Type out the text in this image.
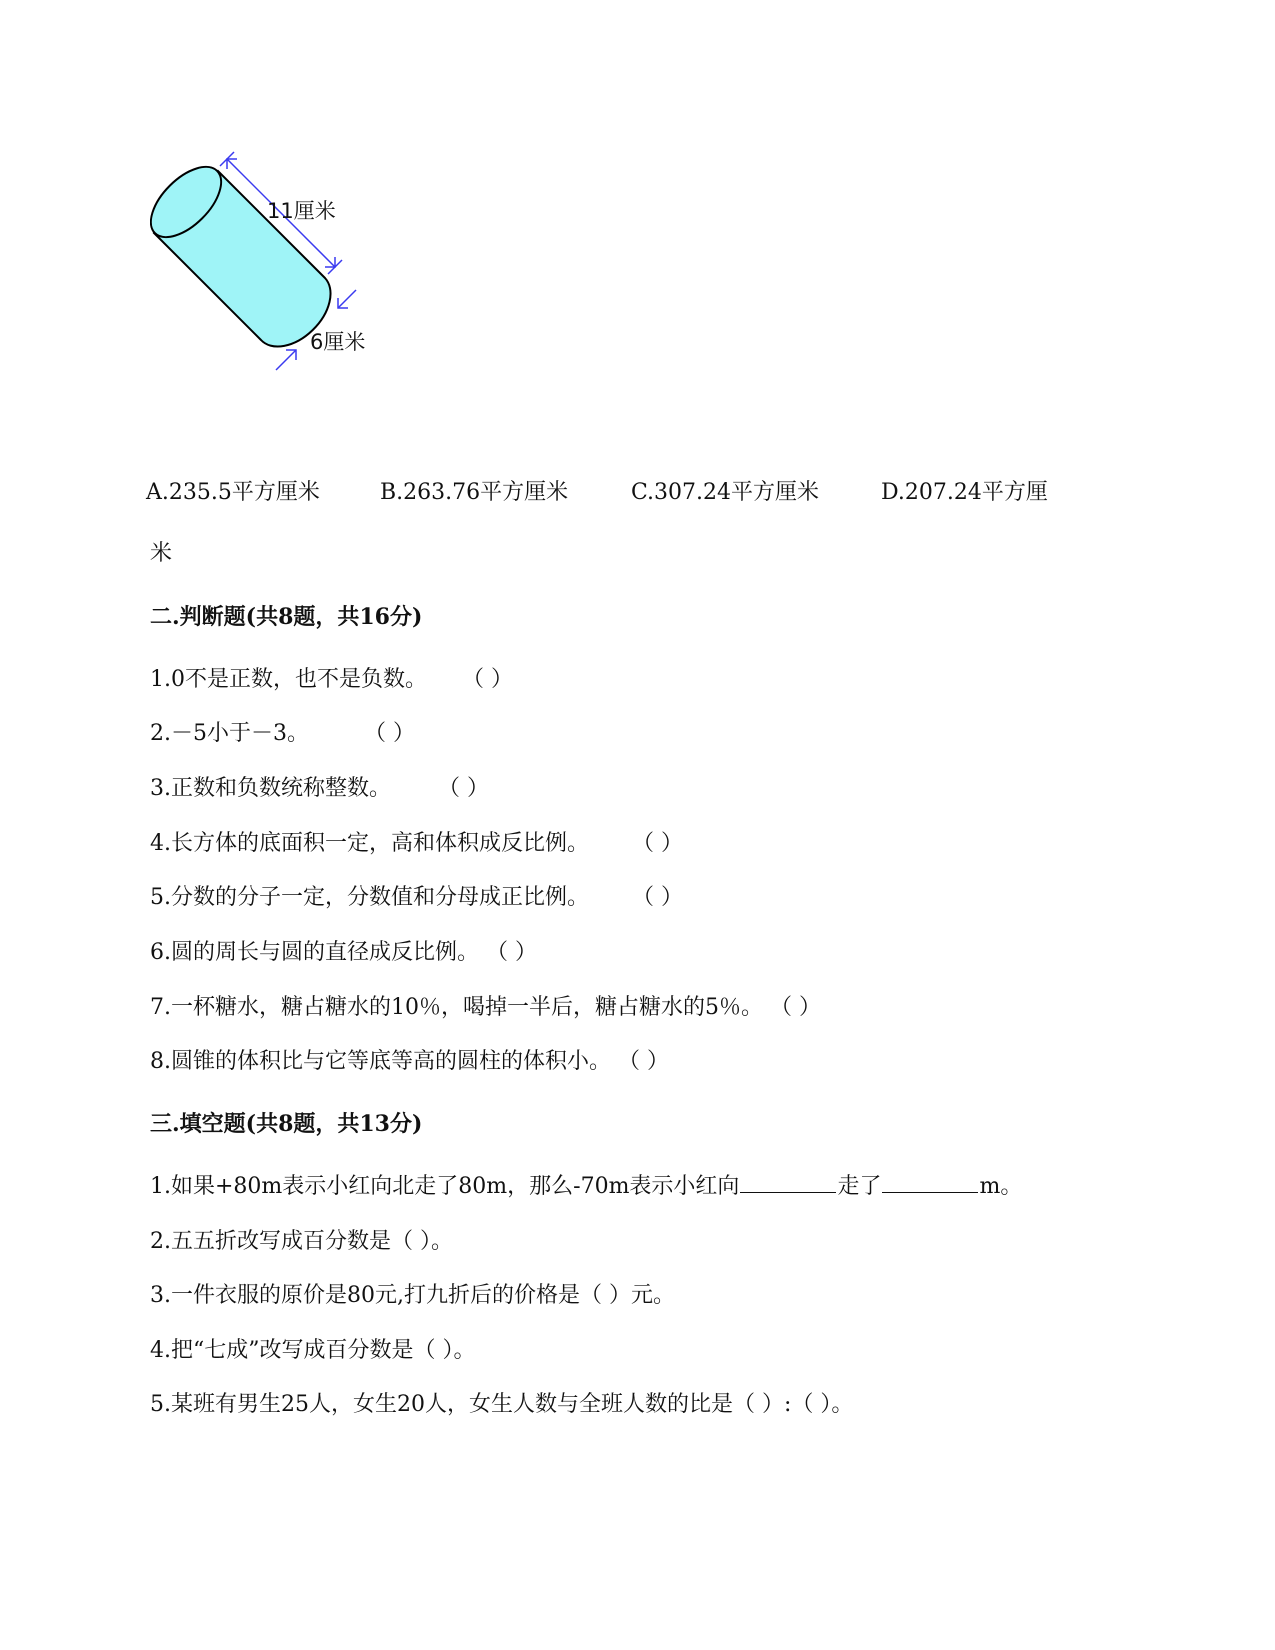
11厘米
6厘米
A.235.5平方厘米	B.263.76平方厘米	C.307.24平方厘米	D.207.24平方厘
米
二.判断题(共8题，共16分)
1.0不是正数，也不是负数。 （ ）
2.－5小于－3。	（ ）
3.正数和负数统称整数。 （ ）
4.长方体的底面积一定，高和体积成反比例。 （ ）
5.分数的分子一定，分数值和分母成正比例。 （ ）
6.圆的周长与圆的直径成反比例。 （ ）
7.一杯糖水，糖占糖水的10％，喝掉一半后，糖占糖水的5％。 （ ）
8.圆锥的体积比与它等底等高的圆柱的体积小。 （ ）
三.填空题(共8题，共13分)
1.如果+80m表示小红向北走了80m，那么-70m表示小红向	走了	m。
2.五五折改写成百分数是（ ）。
3.一件衣服的原价是80元,打九折后的价格是（ ）元。
4.把“七成”改写成百分数是（ ）。
5.某班有男生25人，女生20人，女生人数与全班人数的比是（ ）:（ ）。
